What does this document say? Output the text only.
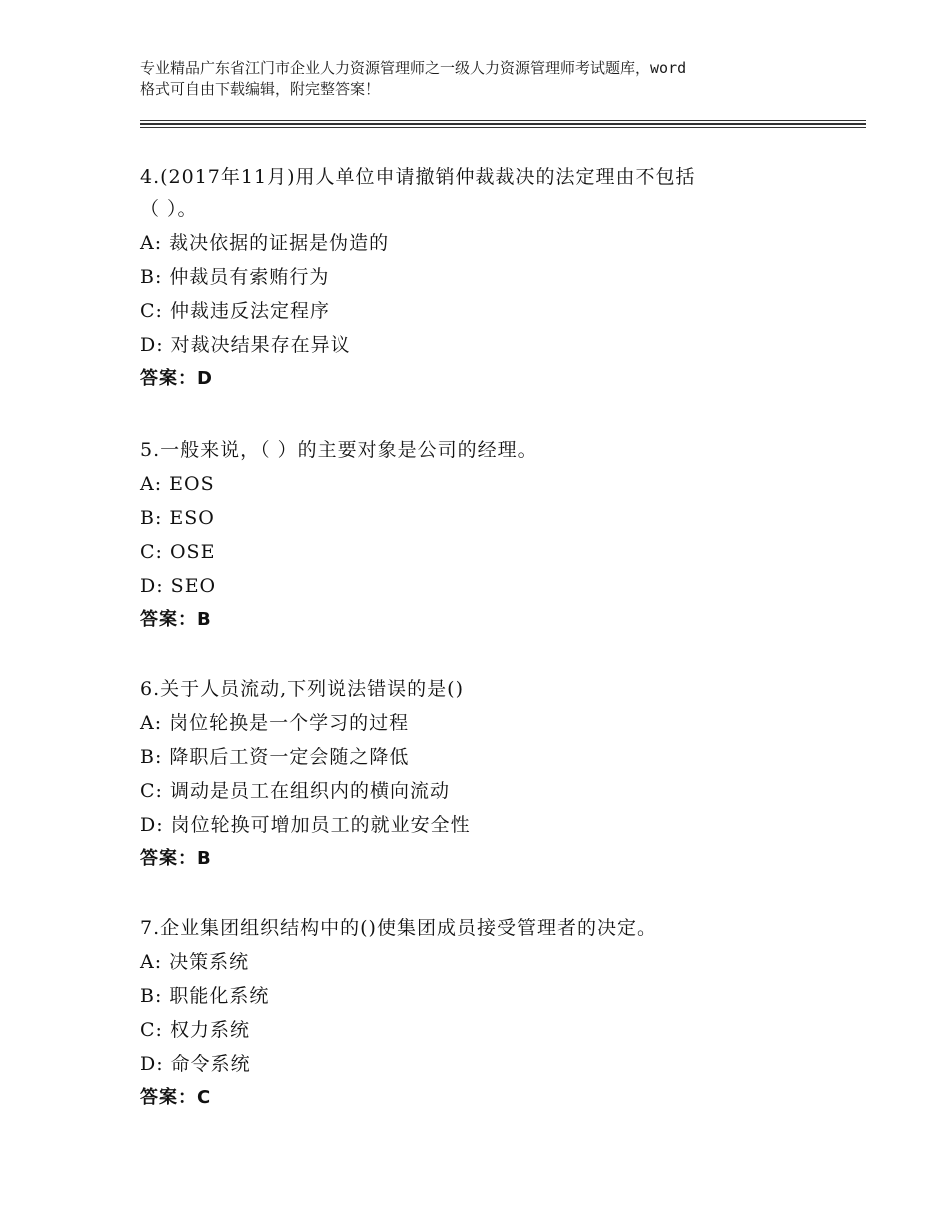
专业精品广东省江门市企业人力资源管理师之一级人力资源管理师考试题库，word
格式可自由下载编辑，附完整答案！
4.(2017年11月)用人单位申请撤销仲裁裁决的法定理由不包括
（ ）。
A: 裁决依据的证据是伪造的
B: 仲裁员有索贿行为
C: 仲裁违反法定程序
D: 对裁决结果存在异议
答案：D
5.一般来说，（ ）的主要对象是公司的经理。
A: EOS
B: ESO
C: OSE
D: SEO
答案：B
6.关于人员流动,下列说法错误的是()
A: 岗位轮换是一个学习的过程
B: 降职后工资一定会随之降低
C: 调动是员工在组织内的横向流动
D: 岗位轮换可增加员工的就业安全性
答案：B
7.企业集团组织结构中的()使集团成员接受管理者的决定。
A: 决策系统
B: 职能化系统
C: 权力系统
D: 命令系统
答案：C
